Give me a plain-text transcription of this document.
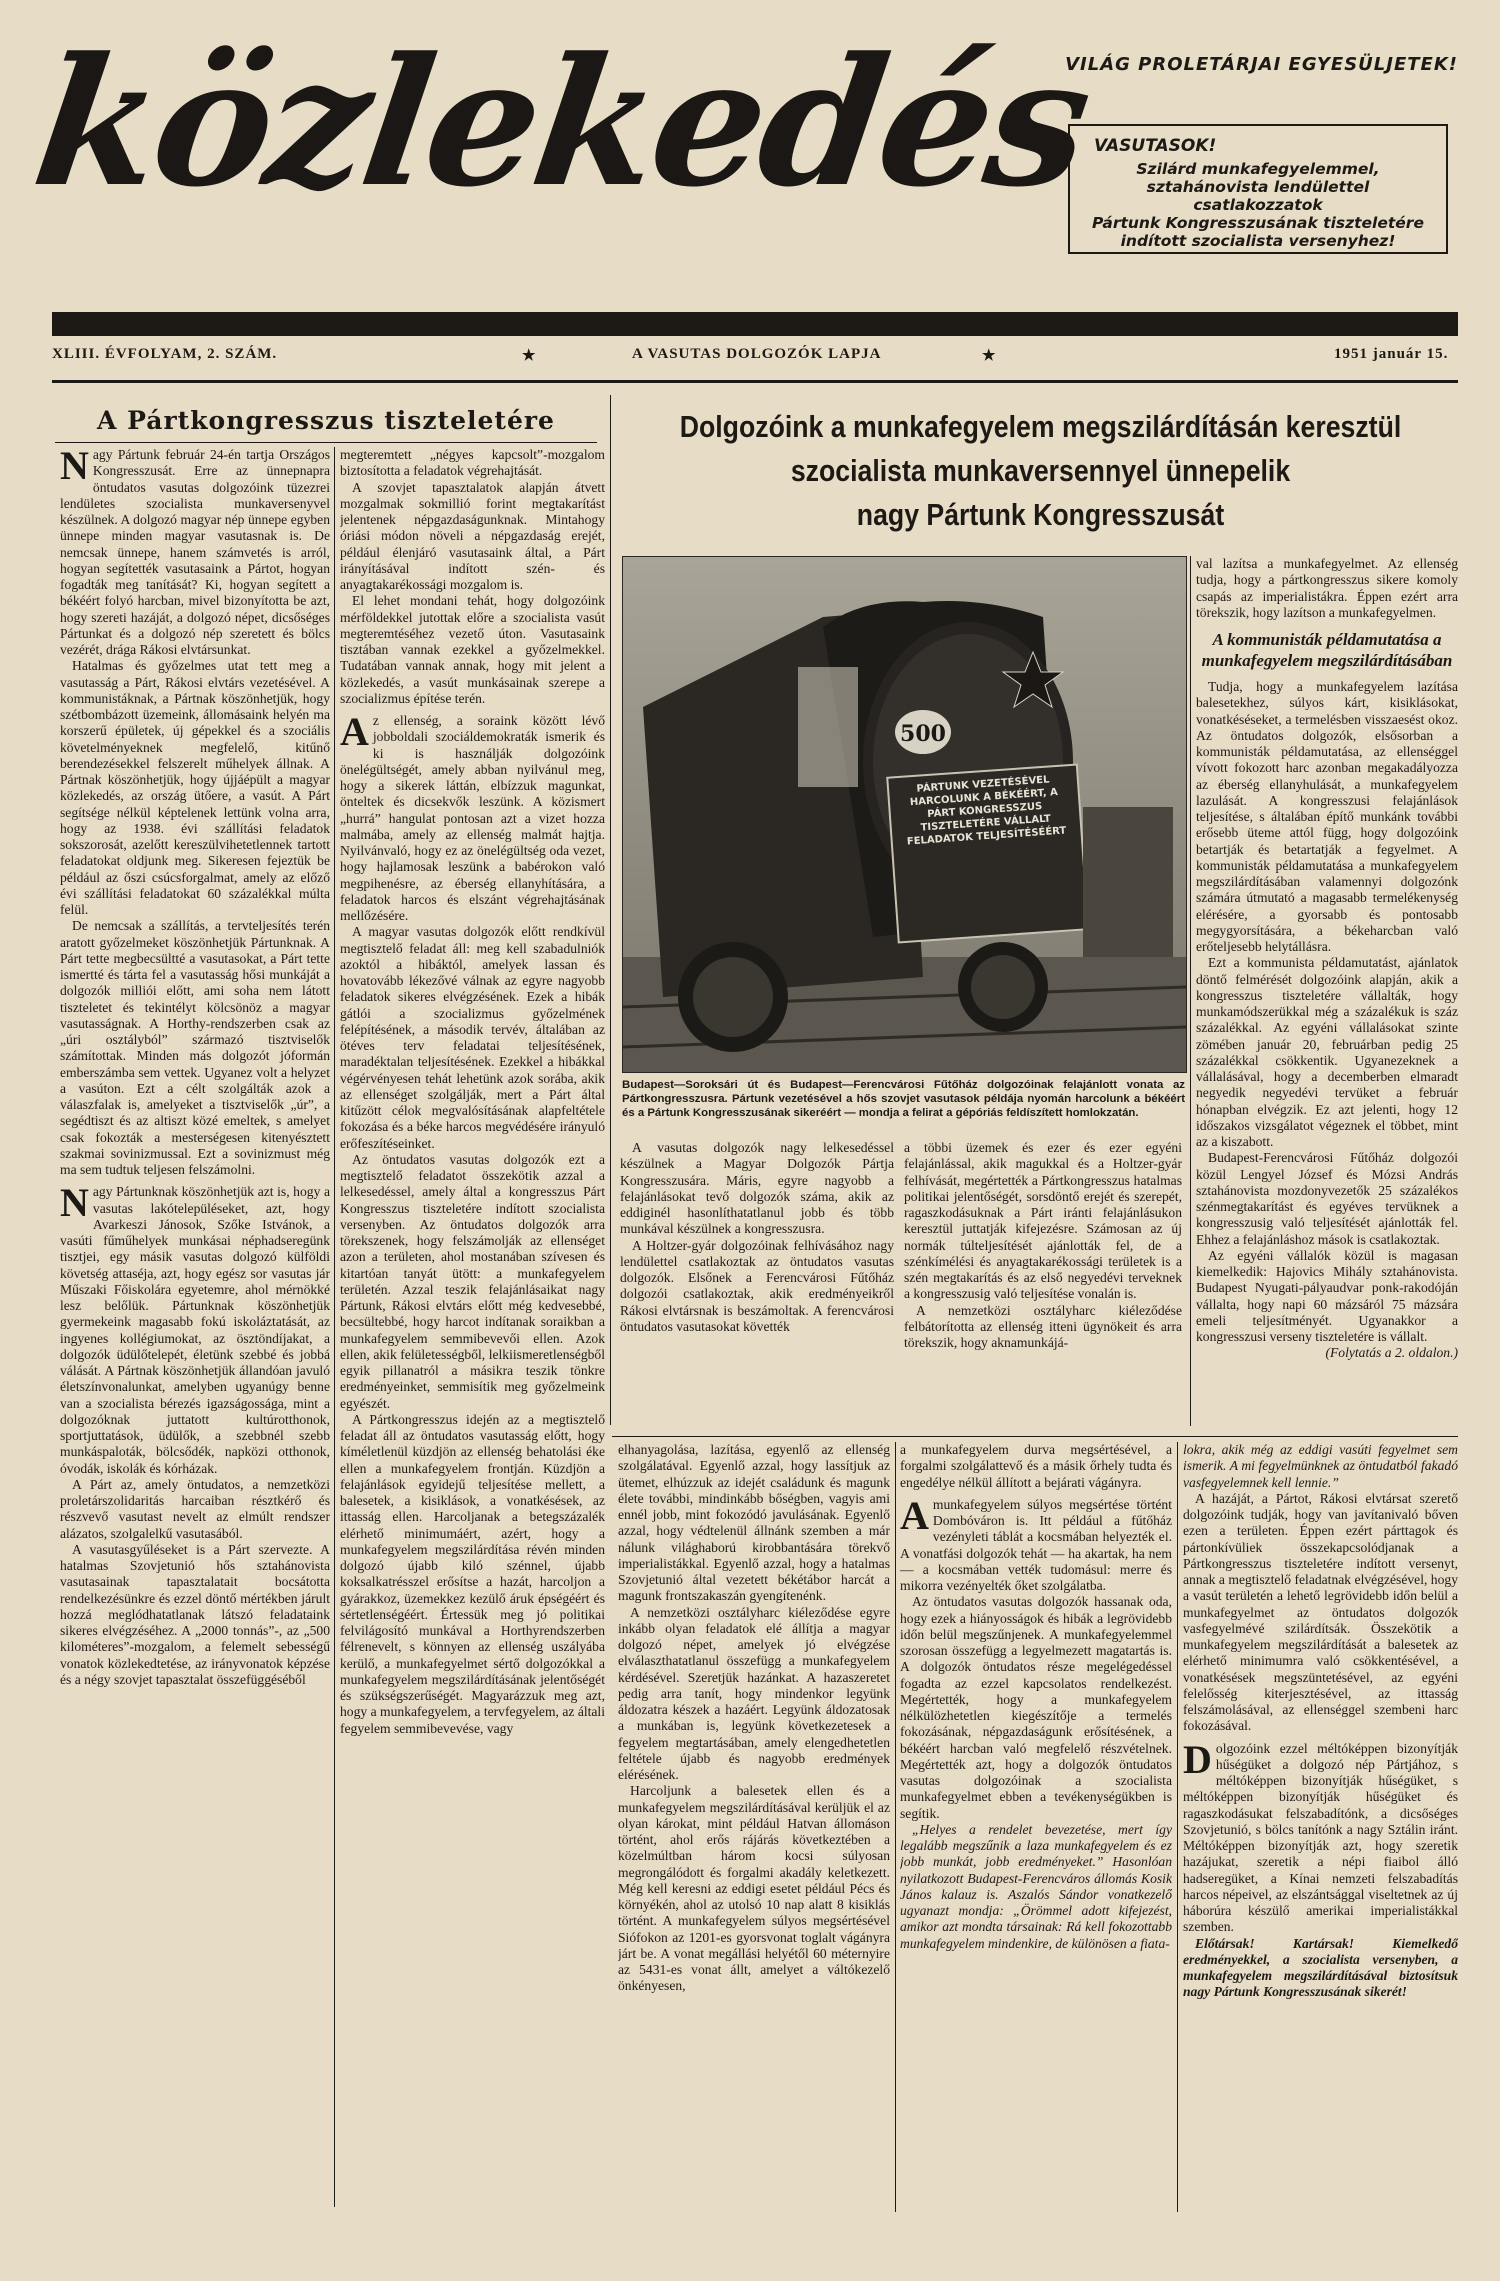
közlekedés
VILÁG PROLETÁRJAI EGYESÜLJETEK!
VASUTASOK!
Szilárd munkafegyelemmel,
sztahánovista lendülettel csatlakozzatok
Pártunk Kongresszusának tiszteletére
indított szocialista versenyhez!
XLIII. ÉVFOLYAM, 2. SZÁM.	★	A VASUTAS DOLGOZÓK LAPJA	★	1951 január 15.
A Pártkongresszus tiszteletére

Nagy Pártunk február 24-én tartja Országos Kongresszusát. Erre az ünnepnapra öntudatos vasutas dolgozóink tüzezrei lendületes szocialista munkaversenyvel készülnek. A dolgozó magyar nép ünnepe egyben ünnepe minden magyar vasutasnak is. De nemcsak ünnepe, hanem számvetés is arról, hogyan segítették vasutasaink a Pártot, hogyan fogadták meg tanítását? Ki, hogyan segített a békéért folyó harcban, mivel bizonyította be azt, hogy szereti hazáját, a dolgozó népet, dicsőséges Pártunkat és a dolgozó nép szeretett és bölcs vezérét, drága Rákosi elvtársunkat.

Hatalmas és győzelmes utat tett meg a vasutasság a Párt, Rákosi elvtárs vezetésével. A kommunistáknak, a Pártnak köszönhetjük, hogy szétbombázott üzemeink, állomásaink helyén ma korszerű épületek, új gépekkel és a szociális követelményeknek megfelelő, kitűnő berendezésekkel felszerelt műhelyek állnak. A Pártnak köszönhetjük, hogy újjáépült a magyar közlekedés, az ország ütőere, a vasút. A Párt segítsége nélkül képtelenek lettünk volna arra, hogy az 1938. évi szállítási feladatok sokszorosát, azelőtt kereszülvihetetlennek tartott feladatokat oldjunk meg. Sikeresen fejeztük be például az őszi csúcsforgalmat, amely az előző évi szállítási feladatokat 60 százalékkal múlta felül.

De nemcsak a szállítás, a tervteljesítés terén aratott győzelmeket köszönhetjük Pártunknak. A Párt tette megbecsültté a vasutasokat, a Párt tette ismertté és tárta fel a vasutasság hősi munkáját a dolgozók milliói előtt, ami soha nem látott tiszteletet és tekintélyt kölcsönöz a magyar vasutasságnak. A Horthy-rendszerben csak az „úri osztályból” származó tisztviselők számítottak. Minden más dolgozót jóformán emberszámba sem vettek. Ugyanez volt a helyzet a vasúton. Ezt a célt szolgálták azok a válaszfalak is, amelyeket a tisztviselők „úr”, a segédtiszt és az altiszt közé emeltek, s amelyet csak fokozták a mesterségesen kitenyésztett szakmai sovinizmussal. Ezt a sovinizmust még ma sem tudtuk teljesen felszámolni.

Nagy Pártunknak köszönhetjük azt is, hogy a vasutas lakótelepüléseket, azt, hogy Avarkeszi Jánosok, Szőke Istvánok, a vasúti fűműhelyek munkásai néphadseregünk tisztjei, egy másik vasutas dolgozó külföldi követség attaséja, azt, hogy egész sor vasutas jár Műszaki Főiskolára egyetemre, ahol mérnökké lesz belőlük. Pártunknak köszönhetjük gyermekeink magasabb fokú iskoláztatását, az ingyenes kollégiumokat, az ösztöndíjakat, a dolgozók üdülőtelepét, életünk szebbé és jobbá válását. A Pártnak köszönhetjük állandóan javuló életszínvonalunkat, amelyben ugyanúgy benne van a szocialista bérezés igazságossága, mint a dolgozóknak juttatott kultúrotthonok, sportjuttatások, üdülők, a szebbnél szebb munkáspaloták, bölcsődék, napközi otthonok, óvodák, iskolák és kórházak.

A Párt az, amely öntudatos, a nemzetközi proletárszolidaritás harcaiban résztkérő és részvevő vasutast nevelt az elmúlt rendszer alázatos, szolgalelkű vasutasából.

A vasutasgyűléseket is a Párt szervezte. A hatalmas Szovjetunió hős sztahánovista vasutasainak tapasztalatait bocsátotta rendelkezésünkre és ezzel döntő mértékben járult hozzá meglódhatatlanak látszó feladataink sikeres elvégzéséhez. A „2000 tonnás”-, az „500 kilométeres”-mozgalom, a felemelt sebességű vonatok közlekedtetése, az irányvonatok képzése és a négy szovjet tapasztalat összefüggéséből

megteremtett „négyes kapcsolt”-mozgalom biztosította a feladatok végrehajtását.

A szovjet tapasztalatok alapján átvett mozgalmak sokmillió forint megtakarítást jelentenek népgazdaságunknak. Mintahogy óriási módon növeli a népgazdaság erejét, például élenjáró vasutasaink által, a Párt irányításával indított szén- és anyagtakarékossági mozgalom is.

El lehet mondani tehát, hogy dolgozóink mérföldekkel jutottak előre a szocialista vasút megteremtéséhez vezető úton. Vasutasaink tisztában vannak ezekkel a győzelmekkel. Tudatában vannak annak, hogy mit jelent a közlekedés, a vasút munkásainak szerepe a szocializmus építése terén.

Az ellenség, a soraink között lévő jobboldali szociáldemokraták ismerik és ki is használják dolgozóink önelégültségét, amely abban nyilvánul meg, hogy a sikerek láttán, elbízzuk magunkat, önteltek és dicsekvők leszünk. A közismert „hurrá” hangulat pontosan azt a vizet hozza malmába, amely az ellenség malmát hajtja. Nyilvánvaló, hogy ez az önelégültség oda vezet, hogy hajlamosak leszünk a babérokon való megpihenésre, az éberség ellanyhítására, a feladatok harcos és elszánt végrehajtásának mellőzésére.

A magyar vasutas dolgozók előtt rendkívül megtisztelő feladat áll: meg kell szabadulniók azoktól a hibáktól, amelyek lassan és hovatovább lékezővé válnak az egyre nagyobb feladatok sikeres elvégzésének. Ezek a hibák gátlói a szocializmus győzelmének felépítésének, a második tervév, általában az ötéves terv feladatai teljesítésének, maradéktalan teljesítésének. Ezekkel a hibákkal végérvényesen tehát lehetünk azok sorába, akik az ellenséget szolgálják, mert a Párt által kitűzött célok megvalósításának alapfeltétele fokozása és a béke harcos megvédésére irányuló erőfeszítéseinket.

Az öntudatos vasutas dolgozók ezt a megtisztelő feladatot összekötik azzal a lelkesedéssel, amely által a kongresszus Párt Kongresszus tiszteletére indított szocialista versenyben. Az öntudatos dolgozók arra törekszenek, hogy felszámolják az ellenséget azon a területen, ahol mostanában szívesen és kitartóan tanyát ütött: a munkafegyelem területén. Azzal teszik felajánlásaikat nagy Pártunk, Rákosi elvtárs előtt még kedvesebbé, becsültebbé, hogy harcot indítanak soraikban a munkafegyelem semmibevevői ellen. Azok ellen, akik felületességből, lelkiismeretlenségből egyik pillanatról a másikra teszik tönkre eredményeinket, semmisítik meg győzelmeink egyészét.

A Pártkongresszus idején az a megtisztelő feladat áll az öntudatos vasutasság előtt, hogy kíméletlenül küzdjön az ellenség behatolási éke ellen a munkafegyelem frontján. Küzdjön a felajánlások egyidejű teljesítése mellett, a balesetek, a kisiklások, a vonatkésések, az ittasság ellen. Harcoljanak a betegszázalék elérhető minimumáért, azért, hogy a munkafegyelem megszilárdítása révén minden dolgozó újabb kiló szénnel, újabb koksalkatrésszel erősítse a hazát, harcoljon a gyárakkoz, üzemekkez kezülő áruk épségéért és sértetlenségéért. Értessük meg jó politikai felvilágosító munkával a Horthyrendszerben félrenevelt, s könnyen az ellenség uszályába kerülő, a munkafegyelmet sértő dolgozókkal a munkafegyelem megszilárdításának jelentőségét és szükségszerűségét. Magyarázzuk meg azt, hogy a munkafegyelem, a tervfegyelem, az általi fegyelem semmibevevése, vagy

Dolgozóink a munkafegyelem megszilárdításán keresztül
szocialista munkaversennyel ünnepelik
nagy Pártunk Kongresszusát
500
PÁRTUNK VEZETÉSÉVEL HARCOLUNK A BÉKÉÉRT, A PÁRT KONGRESSZUS TISZTELETÉRE VÁLLALT FELADATOK TELJESÍTÉSÉÉRT
Budapest—Soroksári út és Budapest—Ferencvárosi Fűtőház dolgozóinak felajánlott vonata az Pártkongresszusra. Pártunk vezetésével a hős szovjet vasutasok példája nyomán harcolunk a békéért és a Pártunk Kongresszusának sikeréért — mondja a felirat a gépóriás feldíszített homlokzatán.

A vasutas dolgozók nagy lelkesedéssel készülnek a Magyar Dolgozók Pártja Kongresszusára. Máris, egyre nagyobb a felajánlásokat tevő dolgozók száma, akik az eddiginél hasonlíthatatlanul jobb és több munkával készülnek a kongresszusra.

A Holtzer-gyár dolgozóinak felhívásához nagy lendülettel csatlakoztak az öntudatos vasutas dolgozók. Elsőnek a Ferencvárosi Fűtőház dolgozói csatlakoztak, akik eredményeikről Rákosi elvtársnak is beszámoltak. A ferencvárosi öntudatos vasutasokat követték

a többi üzemek és ezer és ezer egyéni felajánlással, akik magukkal és a Holtzer-gyár felhívását, megértették a Pártkongresszus hatalmas politikai jelentőségét, sorsdöntő erejét és szerepét, ragaszkodásuknak a Párt iránti felajánlásukon keresztül juttatják kifejezésre. Számosan az új normák túlteljesítését ajánlották fel, de a szénkímélési és anyagtakarékossági területek is a szén megtakarítás és az első negyedévi terveknek a kongresszusig való teljesítése vonalán is.

A nemzetközi osztályharc kiéleződése felbátorította az ellenség itteni ügynökeit és arra törekszik, hogy aknamunkájá-

val lazítsa a munkafegyelmet. Az ellenség tudja, hogy a pártkongresszus sikere komoly csapás az imperialistákra. Éppen ezért arra törekszik, hogy lazítson a munkafegyelmen.

A kommunisták példamutatása a munkafegyelem megszilárdításában

Tudja, hogy a munkafegyelem lazítása balesetekhez, súlyos kárt, kisiklásokat, vonatkéséseket, a termelésben visszaesést okoz. Az öntudatos dolgozók, elsősorban a kommunisták példamutatása, az ellenséggel vívott fokozott harc azonban megakadályozza az éberség ellanyhulását, a munkafegyelem lazulását. A kongresszusi felajánlások teljesítése, s általában építő munkánk további erősebb üteme attól függ, hogy dolgozóink betartják és betartatják a fegyelmet. A kommunisták példamutatása a munkafegyelem megszilárdításában valamennyi dolgozónk számára útmutató a magasabb termelékenység elérésére, a gyorsabb és pontosabb megygyorsítására, a békeharcban való erőteljesebb helytállásra.

Ezt a kommunista példamutatást, ajánlatok döntő felmérését dolgozóink alapján, akik a kongresszus tiszteletére vállalták, hogy munkamódszerükkal még a százalékuk is száz százalékkal. Az egyéni vállalásokat szinte zömében január 20, februárban pedig 25 százalékkal csökkentik. Ugyanezeknek a vállalásával, hogy a decemberben elmaradt negyedik negyedévi tervüket a február hónapban elvégzik. Ez azt jelenti, hogy 12 időszakos vizsgálatot végeznek el többet, mint az a kiszabott.

Budapest-Ferencvárosi Fűtőház dolgozói közül Lengyel József és Mózsi András sztahánovista mozdonyvezetők 25 százalékos szénmegtakarítást és egyéves tervüknek a kongresszusig való teljesítését ajánlották fel. Ehhez a felajánláshoz mások is csatlakoztak.

Az egyéni vállalók közül is magasan kiemelkedik: Hajovics Mihály sztahánovista. Budapest Nyugati-pályaudvar ponk-rakodóján vállalta, hogy napi 60 mázsáról 75 mázsára emeli teljesítményét. Ugyanakkor a kongresszusi verseny tiszteletére is vállalt.

(Folytatás a 2. oldalon.)

elhanyagolása, lazítása, egyenlő az ellenség szolgálatával. Egyenlő azzal, hogy lassítjuk az ütemet, elhúzzuk az idejét családunk és magunk élete további, mindinkább bőségben, vagyis ami ennél jobb, mint fokozódó javulásának. Egyenlő azzal, hogy védtelenül állnánk szemben a már nálunk világhaború kirobbantására törekvő imperialistákkal. Egyenlő azzal, hogy a hatalmas Szovjetunió által vezetett békétábor harcát a magunk frontszakaszán gyengítenénk.

A nemzetközi osztályharc kiéleződése egyre inkább olyan feladatok elé állítja a magyar dolgozó népet, amelyek jó elvégzése elválaszthatatlanul összefügg a munkafegyelem kérdésével. Szeretjük hazánkat. A hazaszeretet pedig arra tanít, hogy mindenkor legyünk áldozatra készek a hazáért. Legyünk áldozatosak a munkában is, legyünk következetesek a fegyelem megtartásában, amely elengedhetetlen feltétele újabb és nagyobb eredmények elérésének.

Harcoljunk a balesetek ellen és a munkafegyelem megszilárdításával kerüljük el az olyan károkat, mint például Hatvan állomáson történt, ahol erős rájárás következtében a közelmúltban három kocsi súlyosan megrongálódott és forgalmi akadály keletkezett. Még kell keresni az eddigi esetet például Pécs és környékén, ahol az utolsó 10 nap alatt 8 kisiklás történt. A munkafegyelem súlyos megsértésével Siófokon az 1201-es gyorsvonat toglalt vágányra járt be. A vonat megállási helyétől 60 méternyire az 5431-es vonat állt, amelyet a váltókezelő önkényesen,

a munkafegyelem durva megsértésével, a forgalmi szolgálattevő és a másik őrhely tudta és engedélye nélkül állított a bejárati vágányra.

Amunkafegyelem súlyos megsértése történt Dombóváron is. Itt például a fűtőház vezényleti táblát a kocsmában helyezték el. A vonatfási dolgozók tehát — ha akartak, ha nem — a kocsmában vették tudomásul: merre és mikorra vezényelték őket szolgálatba.

Az öntudatos vasutas dolgozók hassanak oda, hogy ezek a hiányosságok és hibák a legrövidebb időn belül megszűnjenek. A munkafegyelemmel szorosan összefügg a legyelmezett magatartás is. A dolgozók öntudatos része megelégedéssel fogadta az ezzel kapcsolatos rendelkezést. Megértették, hogy a munkafegyelem nélkülözhetetlen kiegészítője a termelés fokozásának, népgazdaságunk erősítésének, a békéért harcban való megfelelő részvételnek. Megértették azt, hogy a dolgozók öntudatos vasutas dolgozóinak a szocialista munkafegyelmet ebben a tevékenységükben is segítik.

„Helyes a rendelet bevezetése, mert így legalább megszűnik a laza munkafegyelem és ez jobb munkát, jobb eredményeket.” Hasonlóan nyilatkozott Budapest-Ferencváros állomás Kosik János kalauz is. Aszalós Sándor vonatkezelő ugyanazt mondja: „Örömmel adott kifejezést, amikor azt mondta társainak: Rá kell fokozottabb munkafegyelem mindenkire, de különösen a fiata-

lokra, akik még az eddigi vasúti fegyelmet sem ismerik. A mi fegyelmünknek az öntudatból fakadó vasfegyelemnek kell lennie.”

A hazáját, a Pártot, Rákosi elvtársat szerető dolgozóink tudják, hogy van javítanivaló bőven ezen a területen. Éppen ezért párttagok és pártonkívüliek összekapcsolódjanak a Pártkongresszus tiszteletére indított versenyt, annak a megtisztelő feladatnak elvégzésével, hogy a vasút területén a lehető legrövidebb időn belül a munkafegyelmet az öntudatos dolgozók vasfegyelmévé szilárdítsák. Összekötik a munkafegyelem megszilárdítását a balesetek az elérhető minimumra való csökkentésével, a vonatkésések megszüntetésével, az egyéni felelősség kiterjesztésével, az ittasság felszámolásával, az ellenséggel szembeni harc fokozásával.

Dolgozóink ezzel méltóképpen bizonyítják hűségüket a dolgozó nép Pártjához, s méltóképpen bizonyítják hűségüket, s méltóképpen bizonyítják hűségüket és ragaszkodásukat felszabadítónk, a dicsőséges Szovjetunió, s bölcs tanítónk a nagy Sztálin iránt. Méltóképpen bizonyítják azt, hogy szeretik hazájukat, szeretik a népi fiaibol álló hadseregüket, a Kínai nemzeti felszabadítás harcos népeivel, az elszántsággal viseltetnek az új háborúra készülő amerikai imperialistákkal szemben.

Előtársak! Kartársak! Kiemelkedő eredményekkel, a szocialista versenyben, a munkafegyelem megszilárdításával biztosítsuk nagy Pártunk Kongresszusának sikerét!
